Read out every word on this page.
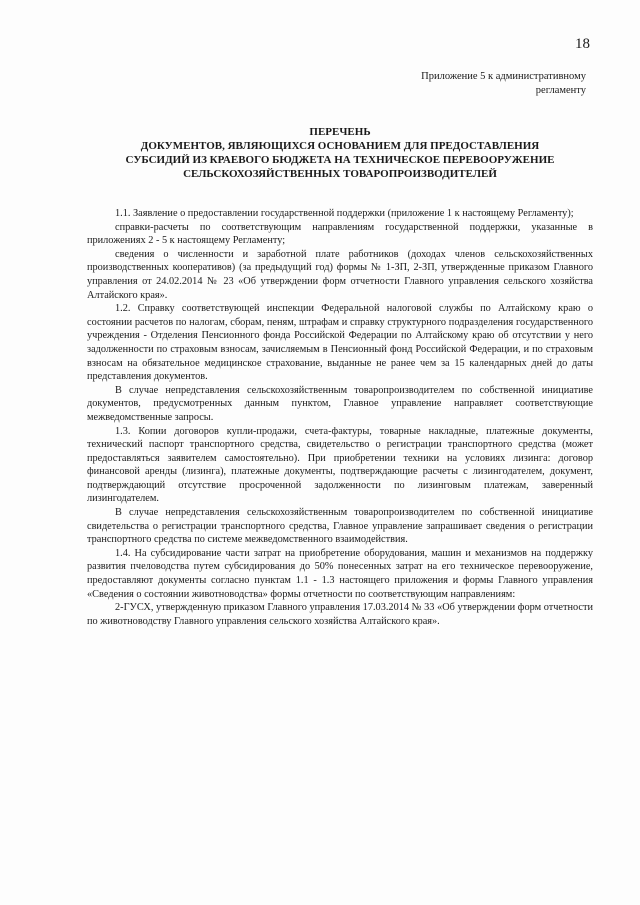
18
Приложение 5 к административному
регламенту
ПЕРЕЧЕНЬ
ДОКУМЕНТОВ, ЯВЛЯЮЩИХСЯ ОСНОВАНИЕМ ДЛЯ ПРЕДОСТАВЛЕНИЯ
СУБСИДИЙ ИЗ КРАЕВОГО БЮДЖЕТА НА ТЕХНИЧЕСКОЕ ПЕРЕВООРУЖЕНИЕ
СЕЛЬСКОХОЗЯЙСТВЕННЫХ ТОВАРОПРОИЗВОДИТЕЛЕЙ

1.1. Заявление о предоставлении государственной поддержки (приложение 1 к настоящему Регламенту);

справки-расчеты по соответствующим направлениям государственной поддержки, указанные в приложениях 2 - 5 к настоящему Регламенту;

сведения о численности и заработной плате работников (доходах членов сельскохозяйственных производственных кооперативов) (за предыдущий год) формы № 1-ЗП, 2-ЗП, утвержденные приказом Главного управления от 24.02.2014 № 23 «Об утверждении форм отчетности Главного управления сельского хозяйства Алтайского края».

1.2. Справку соответствующей инспекции Федеральной налоговой службы по Алтайскому краю о состоянии расчетов по налогам, сборам, пеням, штрафам и справку структурного подразделения государственного учреждения - Отделения Пенсионного фонда Российской Федерации по Алтайскому краю об отсутствии у него задолженности по страховым взносам, зачисляемым в Пенсионный фонд Российской Федерации, и по страховым взносам на обязательное медицинское страхование, выданные не ранее чем за 15 календарных дней до даты представления документов.

В случае непредставления сельскохозяйственным товаропроизводителем по собственной инициативе документов, предусмотренных данным пунктом, Главное управление направляет соответствующие межведомственные запросы.

1.3. Копии договоров купли-продажи, счета-фактуры, товарные накладные, платежные документы, технический паспорт транспортного средства, свидетельство о регистрации транспортного средства (может предоставляться заявителем самостоятельно). При приобретении техники на условиях лизинга: договор финансовой аренды (лизинга), платежные документы, подтверждающие расчеты с лизингодателем, документ, подтверждающий отсутствие просроченной задолженности по лизинговым платежам, заверенный лизингодателем.

В случае непредставления сельскохозяйственным товаропроизводителем по собственной инициативе свидетельства о регистрации транспортного средства, Главное управление запрашивает сведения о регистрации транспортного средства по системе межведомственного взаимодействия.

1.4. На субсидирование части затрат на приобретение оборудования, машин и механизмов на поддержку развития пчеловодства путем субсидирования до 50% понесенных затрат на его техническое перевооружение, предоставляют документы согласно пунктам 1.1 - 1.3 настоящего приложения и формы Главного управления «Сведения о состоянии животноводства» формы отчетности по соответствующим направлениям:

2-ГУСХ, утвержденную приказом Главного управления 17.03.2014 № 33 «Об утверждении форм отчетности по животноводству Главного управления сельского хозяйства Алтайского края».
